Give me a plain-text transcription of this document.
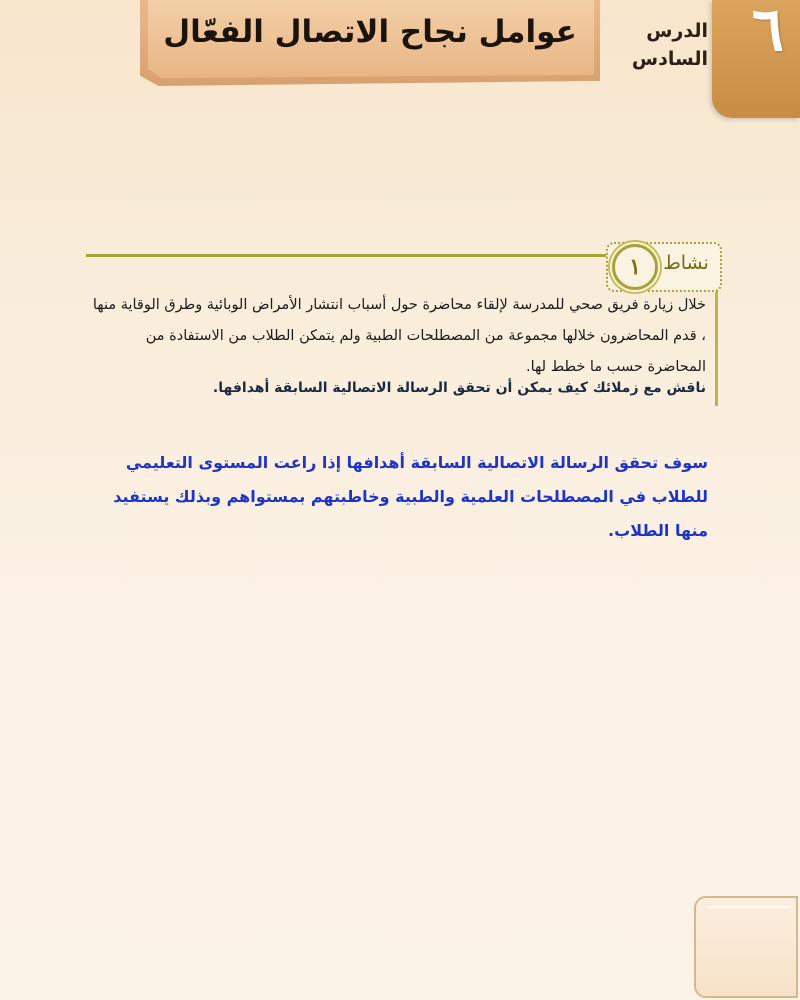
٦
الدرس
السادس
عوامل نجاح الاتصال الفعّال
١	نشاط
خلال زيارة فريق صحي للمدرسة لإلقاء محاضرة حول أسباب انتشار الأمراض الوبائية وطرق الوقاية منها ، قدم المحاضرون خلالها مجموعة من المصطلحات الطبية ولم يتمكن الطلاب من الاستفادة من المحاضرة حسب ما خطط لها.
ناقش مع زملائك كيف يمكن أن تحقق الرسالة الاتصالية السابقة أهدافها.
سوف تحقق الرسالة الاتصالية السابقة أهدافها إذا راعت المستوى التعليمي للطلاب في المصطلحات العلمية والطبية وخاطبتهم بمستواهم وبذلك يستفيد منها الطلاب.
